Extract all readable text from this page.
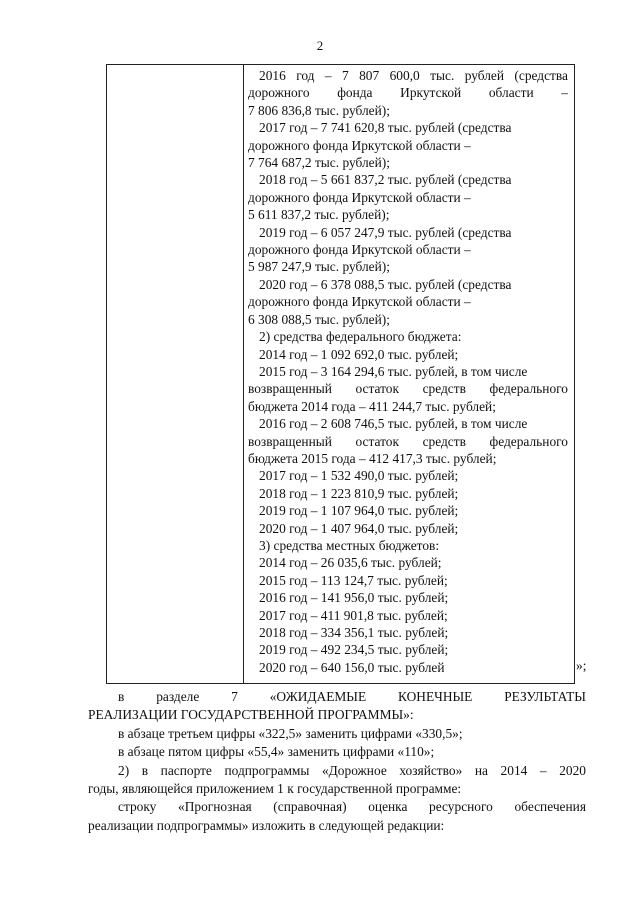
2
2016 год – 7 807 600,0 тыс. рублей (средства
дорожного фонда Иркутской области –
7 806 836,8 тыс. рублей);
2017 год – 7 741 620,8 тыс. рублей (средства
дорожного фонда Иркутской области –
7 764 687,2 тыс. рублей);
2018 год – 5 661 837,2 тыс. рублей (средства
дорожного фонда Иркутской области –
5 611 837,2 тыс. рублей);
2019 год – 6 057 247,9 тыс. рублей (средства
дорожного фонда Иркутской области –
5 987 247,9 тыс. рублей);
2020 год – 6 378 088,5 тыс. рублей (средства
дорожного фонда Иркутской области –
6 308 088,5 тыс. рублей);
2) средства федерального бюджета:
2014 год – 1 092 692,0 тыс. рублей;
2015 год – 3 164 294,6 тыс. рублей, в том числе
возвращенный остаток средств федерального
бюджета 2014 года – 411 244,7 тыс. рублей;
2016 год – 2 608 746,5 тыс. рублей, в том числе
возвращенный остаток средств федерального
бюджета 2015 года – 412 417,3 тыс. рублей;
2017 год – 1 532 490,0 тыс. рублей;
2018 год – 1 223 810,9 тыс. рублей;
2019 год – 1 107 964,0 тыс. рублей;
2020 год – 1 407 964,0 тыс. рублей;
3) средства местных бюджетов:
2014 год – 26 035,6 тыс. рублей;
2015 год – 113 124,7 тыс. рублей;
2016 год – 141 956,0 тыс. рублей;
2017 год – 411 901,8 тыс. рублей;
2018 год – 334 356,1 тыс. рублей;
2019 год – 492 234,5 тыс. рублей;
2020 год – 640 156,0 тыс. рублей	»;
в разделе 7 «ОЖИДАЕМЫЕ КОНЕЧНЫЕ РЕЗУЛЬТАТЫ
РЕАЛИЗАЦИИ ГОСУДАРСТВЕННОЙ ПРОГРАММЫ»:
в абзаце третьем цифры «322,5» заменить цифрами «330,5»;
в абзаце пятом цифры «55,4» заменить цифрами «110»;
2) в паспорте подпрограммы «Дорожное хозяйство» на 2014 – 2020
годы, являющейся приложением 1 к государственной программе:
строку «Прогнозная (справочная) оценка ресурсного обеспечения
реализации подпрограммы» изложить в следующей редакции:
